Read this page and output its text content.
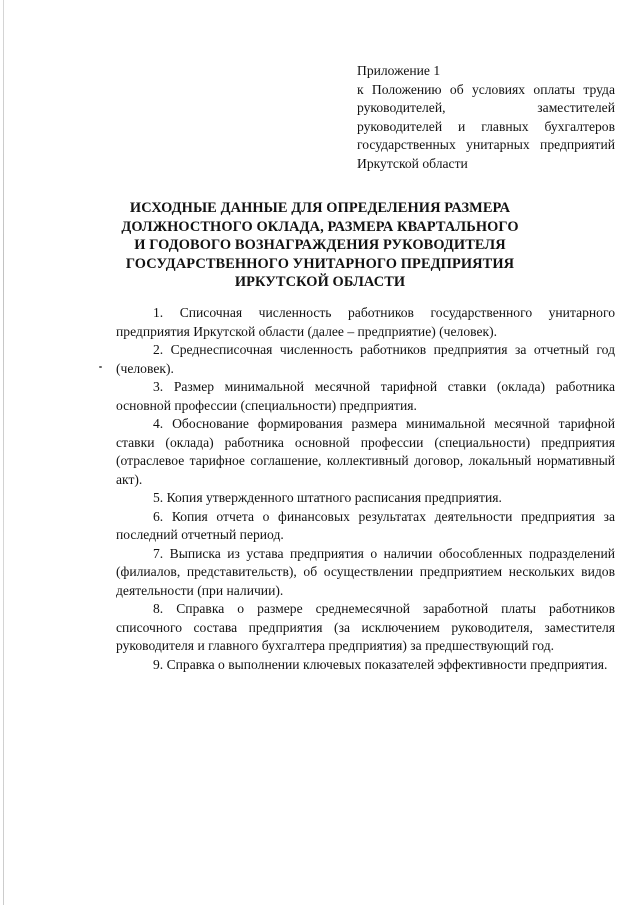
Приложение 1
к Положению об условиях оплаты труда руководителей, заместителей руководителей и главных бухгалтеров государственных унитарных предприятий Иркутской области
ИСХОДНЫЕ ДАННЫЕ ДЛЯ ОПРЕДЕЛЕНИЯ РАЗМЕРА ДОЛЖНОСТНОГО ОКЛАДА, РАЗМЕРА КВАРТАЛЬНОГО И ГОДОВОГО ВОЗНАГРАЖДЕНИЯ РУКОВОДИТЕЛЯ ГОСУДАРСТВЕННОГО УНИТАРНОГО ПРЕДПРИЯТИЯ ИРКУТСКОЙ ОБЛАСТИ

1. Списочная численность работников государственного унитарного предприятия Иркутской области (далее – предприятие) (человек).

2. Среднесписочная численность работников предприятия за отчетный год (человек).

3. Размер минимальной месячной тарифной ставки (оклада) работника основной профессии (специальности) предприятия.

4. Обоснование формирования размера минимальной месячной тарифной ставки (оклада) работника основной профессии (специальности) предприятия (отраслевое тарифное соглашение, коллективный договор, локальный нормативный акт).

5. Копия утвержденного штатного расписания предприятия.

6. Копия отчета о финансовых результатах деятельности предприятия за последний отчетный период.

7. Выписка из устава предприятия о наличии обособленных подразделений (филиалов, представительств), об осуществлении предприятием нескольких видов деятельности (при наличии).

8. Справка о размере среднемесячной заработной платы работников списочного состава предприятия (за исключением руководителя, заместителя руководителя и главного бухгалтера предприятия) за предшествующий год.

9. Справка о выполнении ключевых показателей эффективности предприятия.
